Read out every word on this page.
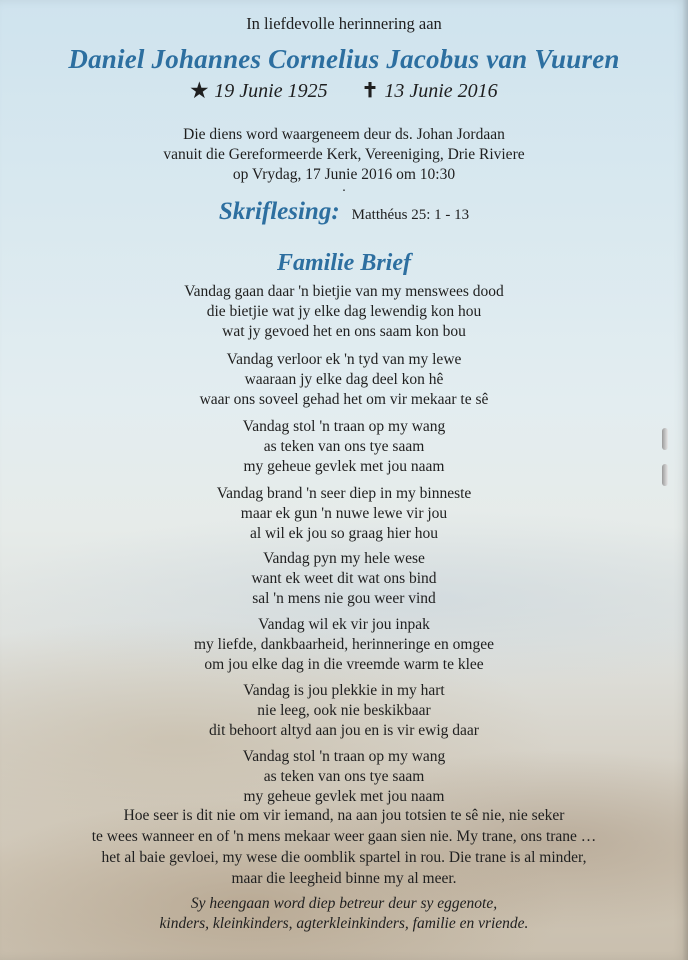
In liefdevolle herinnering aan
Daniel Johannes Cornelius Jacobus van Vuuren
★ 19 Junie 1925 ✝ 13 Junie 2016
Die diens word waargeneem deur ds. Johan Jordaan
vanuit die Gereformeerde Kerk, Vereeniging, Drie Riviere
op Vrydag, 17 Junie 2016 om 10:30
.
Skriflesing: Matthéus 25: 1 - 13
Familie Brief
Vandag gaan daar 'n bietjie van my menswees dood
die bietjie wat jy elke dag lewendig kon hou
wat jy gevoed het en ons saam kon bou
Vandag verloor ek 'n tyd van my lewe
waaraan jy elke dag deel kon hê
waar ons soveel gehad het om vir mekaar te sê
Vandag stol 'n traan op my wang
as teken van ons tye saam
my geheue gevlek met jou naam
Vandag brand 'n seer diep in my binneste
maar ek gun 'n nuwe lewe vir jou
al wil ek jou so graag hier hou
Vandag pyn my hele wese
want ek weet dit wat ons bind
sal 'n mens nie gou weer vind
Vandag wil ek vir jou inpak
my liefde, dankbaarheid, herinneringe en omgee
om jou elke dag in die vreemde warm te klee
Vandag is jou plekkie in my hart
nie leeg, ook nie beskikbaar
dit behoort altyd aan jou en is vir ewig daar
Vandag stol 'n traan op my wang
as teken van ons tye saam
my geheue gevlek met jou naam
Hoe seer is dit nie om vir iemand, na aan jou totsien te sê nie, nie seker
te wees wanneer en of 'n mens mekaar weer gaan sien nie. My trane, ons trane …
het al baie gevloei, my wese die oomblik spartel in rou. Die trane is al minder,
maar die leegheid binne my al meer.
Sy heengaan word diep betreur deur sy eggenote,
kinders, kleinkinders, agterkleinkinders, familie en vriende.
